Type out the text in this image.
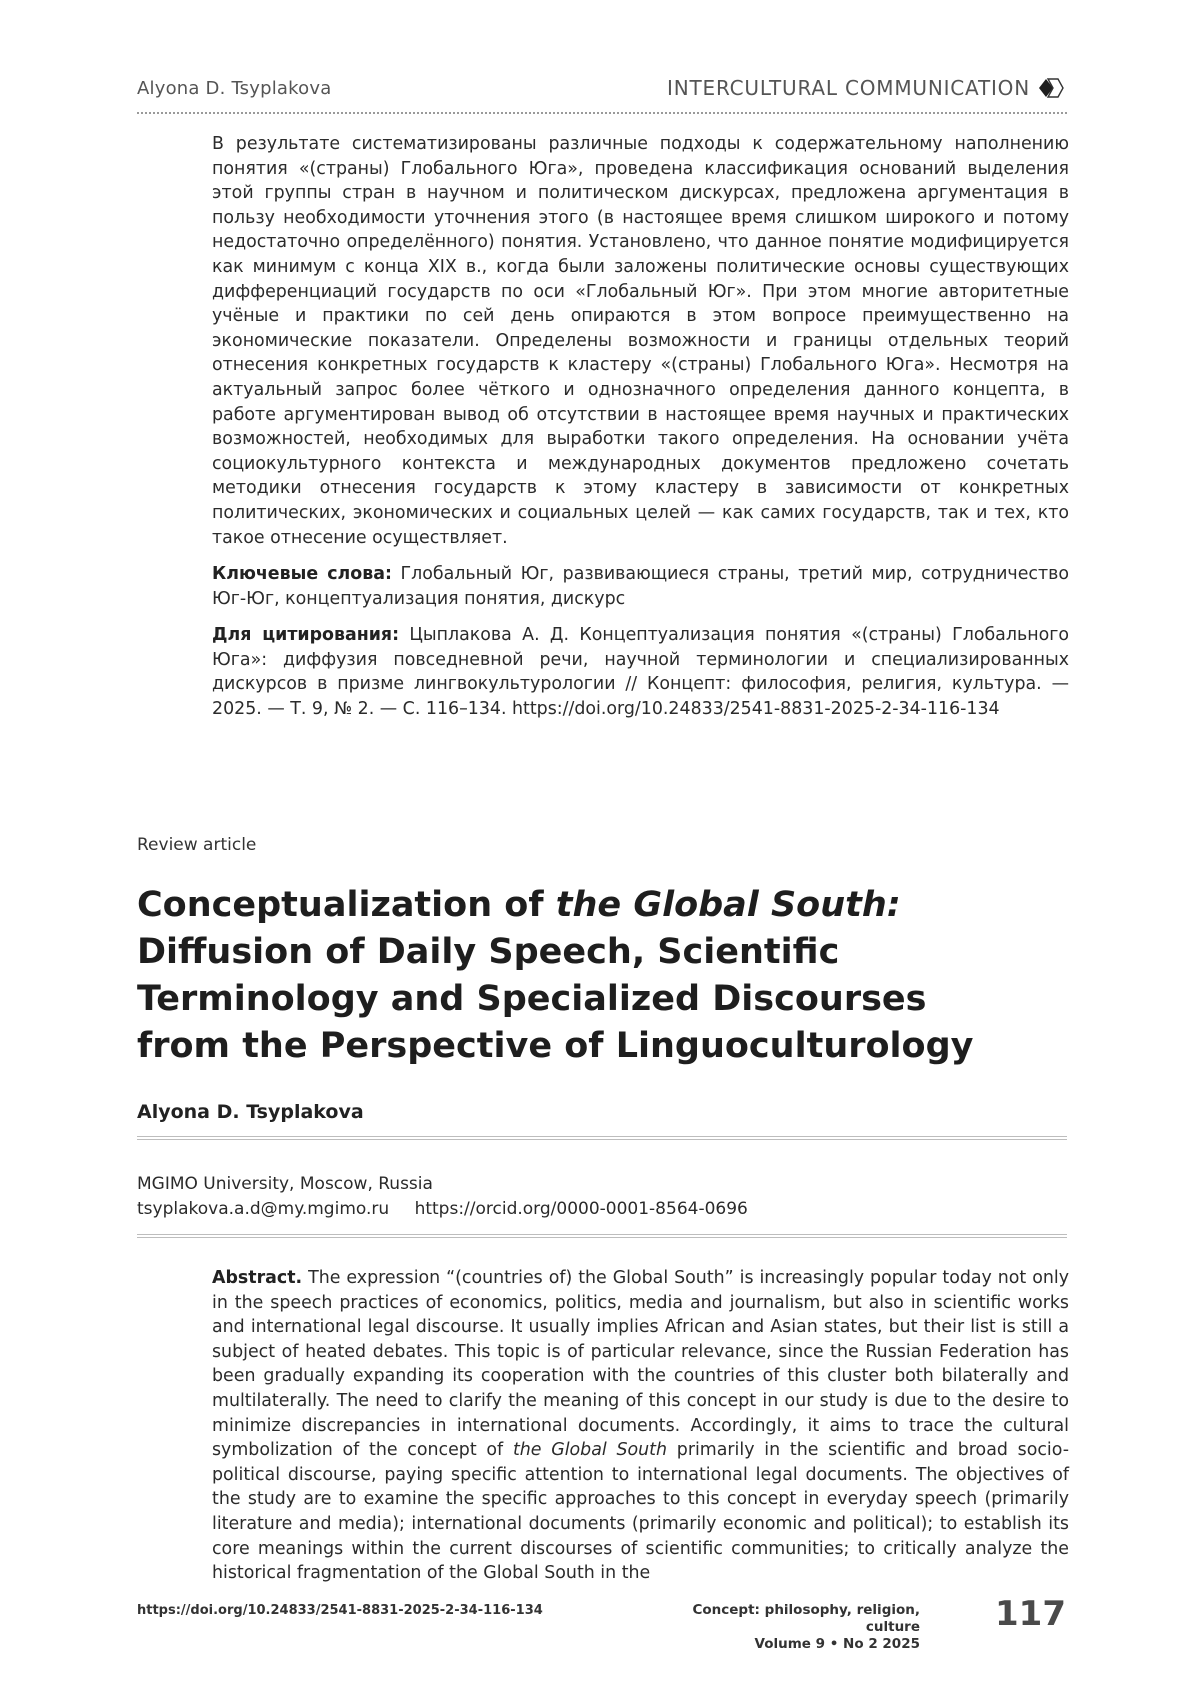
Alyona D. Tsyplakova	INTERCULTURAL COMMUNICATION

В результате систематизированы различные подходы к содержательному наполнению понятия «(страны) Глобального Юга», проведена классификация оснований выделения этой группы стран в научном и политическом дискурсах, предложена аргументация в пользу необходимости уточнения этого (в настоящее время слишком широкого и потому недостаточно определённого) понятия. Установлено, что данное понятие модифицируется как минимум с конца XIX в., когда были заложены политические основы существующих дифференциаций государств по оси «Глобальный Юг». При этом многие авторитетные учёные и практики по сей день опираются в этом вопросе преимущественно на экономические показатели. Определены возможности и границы отдельных теорий отнесения конкретных государств к кластеру «(страны) Глобального Юга». Несмотря на актуальный запрос более чёткого и однозначного определения данного концепта, в работе аргументирован вывод об отсутствии в настоящее время научных и практических возможностей, необходимых для выработки такого определения. На основании учёта социокультурного контекста и международных документов предложено сочетать методики отнесения государств к этому кластеру в зависимости от конкретных политических, экономических и социальных целей — как самих государств, так и тех, кто такое отнесение осуществляет.

Ключевые слова: Глобальный Юг, развивающиеся страны, третий мир, сотрудничество Юг-Юг, концептуализация понятия, дискурс

Для цитирования: Цыплакова А. Д. Концептуализация понятия «(страны) Глобального Юга»: диффузия повседневной речи, научной терминологии и специализированных дискурсов в призме лингвокультурологии // Концепт: философия, религия, культура. — 2025. — Т. 9, № 2. — С. 116–134. https://doi.org/10.24833/2541-8831-2025-2-34-116-134

Review article
Conceptualization of the Global South: Diffusion of Daily Speech, Scientific Terminology and Specialized Discourses from the Perspective of Linguoculturology
Alyona D. Tsyplakova
MGIMO University, Moscow, Russia
tsyplakova.a.d@my.mgimo.ru https://orcid.org/0000-0001-8564-0696

Abstract. The expression “(countries of) the Global South” is increasingly popular today not only in the speech practices of economics, politics, media and journalism, but also in scientific works and international legal discourse. It usually implies African and Asian states, but their list is still a subject of heated debates. This topic is of particular relevance, since the Russian Federation has been gradually expanding its cooperation with the countries of this cluster both bilaterally and multilaterally. The need to clarify the meaning of this concept in our study is due to the desire to minimize discrepancies in international documents. Accordingly, it aims to trace the cultural symbolization of the concept of the Global South primarily in the scientific and broad socio-political discourse, paying specific attention to international legal documents. The objectives of the study are to examine the specific approaches to this concept in everyday speech (primarily literature and media); international documents (primarily economic and political); to establish its core meanings within the current discourses of scientific communities; to critically analyze the historical fragmentation of the Global South in the

https://doi.org/10.24833/2541-8831-2025-2-34-116-134	Concept: philosophy, religion, culture
Volume 9 • No 2 2025
117
